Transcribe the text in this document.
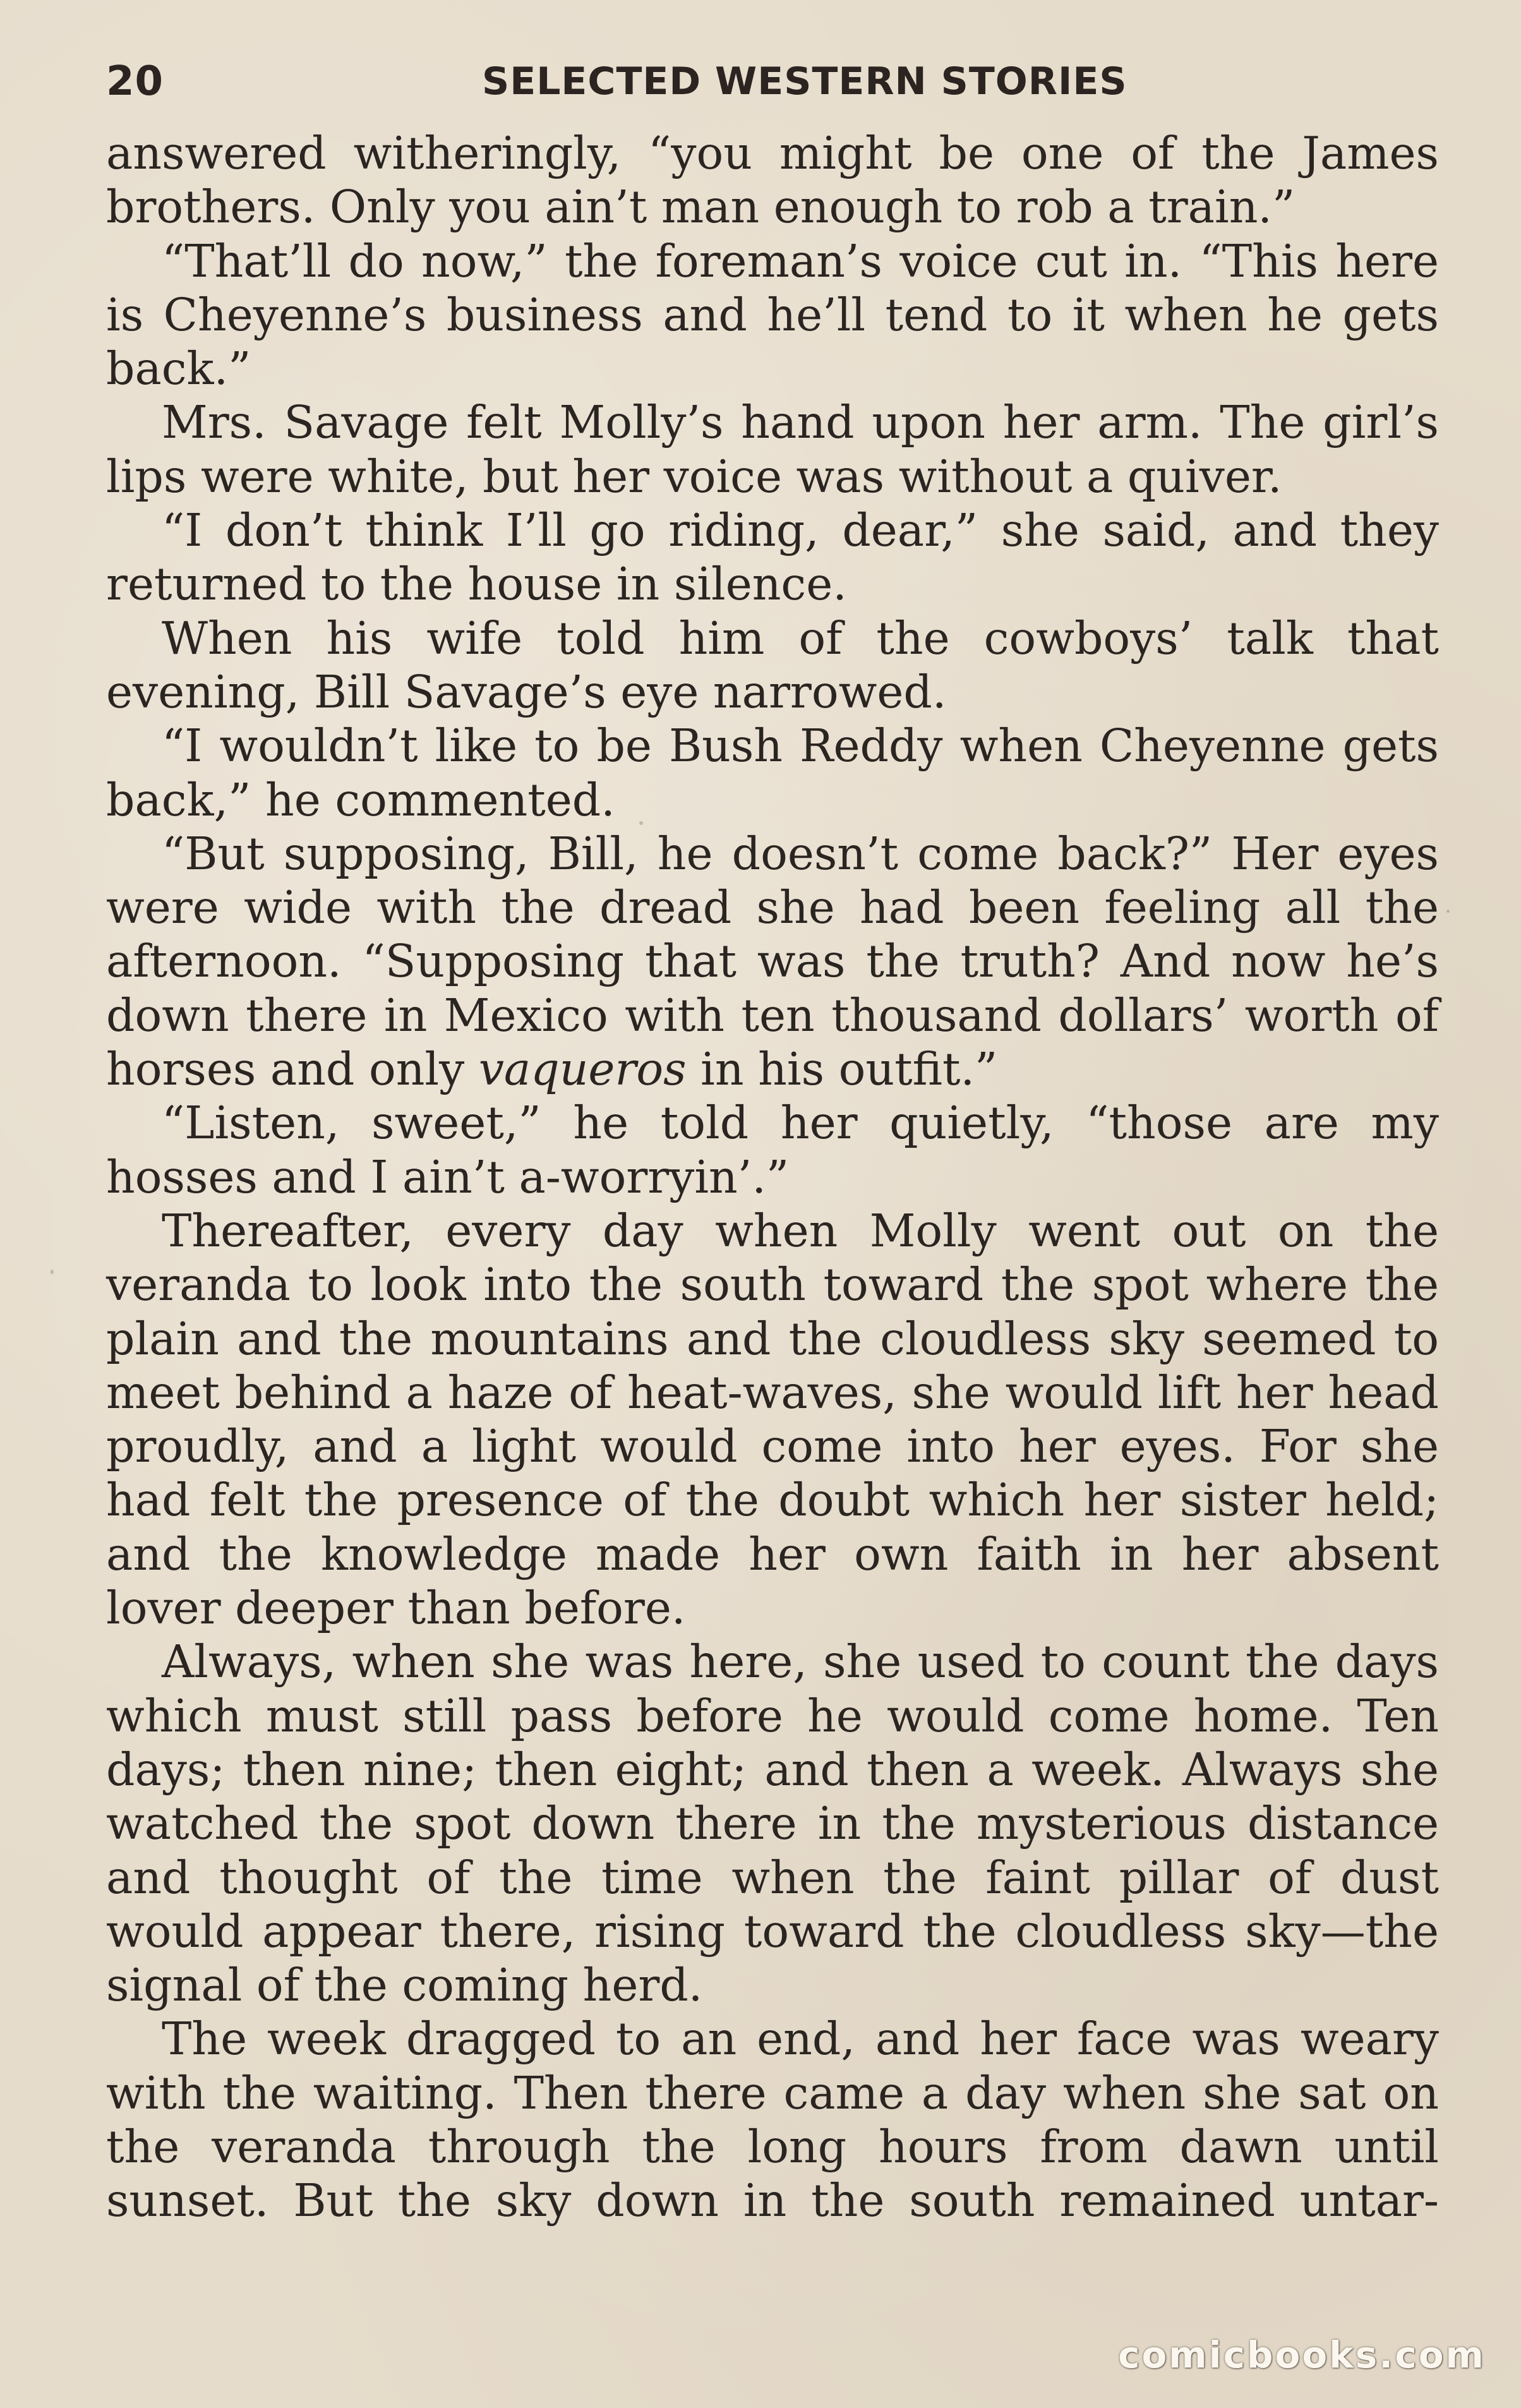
20	SELECTED WESTERN STORIES

answered witheringly, “you might be one of the James brothers. Only you ain’t man enough to rob a train.”

“That’ll do now,” the foreman’s voice cut in. “This here is Cheyenne’s business and he’ll tend to it when he gets back.”

Mrs. Savage felt Molly’s hand upon her arm. The girl’s lips were white, but her voice was without a quiver.

“I don’t think I’ll go riding, dear,” she said, and they returned to the house in silence.

When his wife told him of the cowboys’ talk that evening, Bill Savage’s eye narrowed.

“I wouldn’t like to be Bush Reddy when Cheyenne gets back,” he commented.

“But supposing, Bill, he doesn’t come back?” Her eyes were wide with the dread she had been feeling all the afternoon. “Supposing that was the truth? And now he’s down there in Mexico with ten thousand dollars’ worth of horses and only vaqueros in his outfit.”

“Listen, sweet,” he told her quietly, “those are my hosses and I ain’t a-worryin’.”

Thereafter, every day when Molly went out on the veranda to look into the south toward the spot where the plain and the mountains and the cloudless sky seemed to meet behind a haze of heat-waves, she would lift her head proudly, and a light would come into her eyes. For she had felt the presence of the doubt which her sister held; and the knowledge made her own faith in her absent lover deeper than before.

Always, when she was here, she used to count the days which must still pass before he would come home. Ten days; then nine; then eight; and then a week. Always she watched the spot down there in the mysterious distance and thought of the time when the faint pillar of dust would appear there, rising toward the cloudless sky—the signal of the coming herd.

The week dragged to an end, and her face was weary with the waiting. Then there came a day when she sat on the veranda through the long hours from dawn until sunset. But the sky down in the south remained untar-

comicbooks.com
